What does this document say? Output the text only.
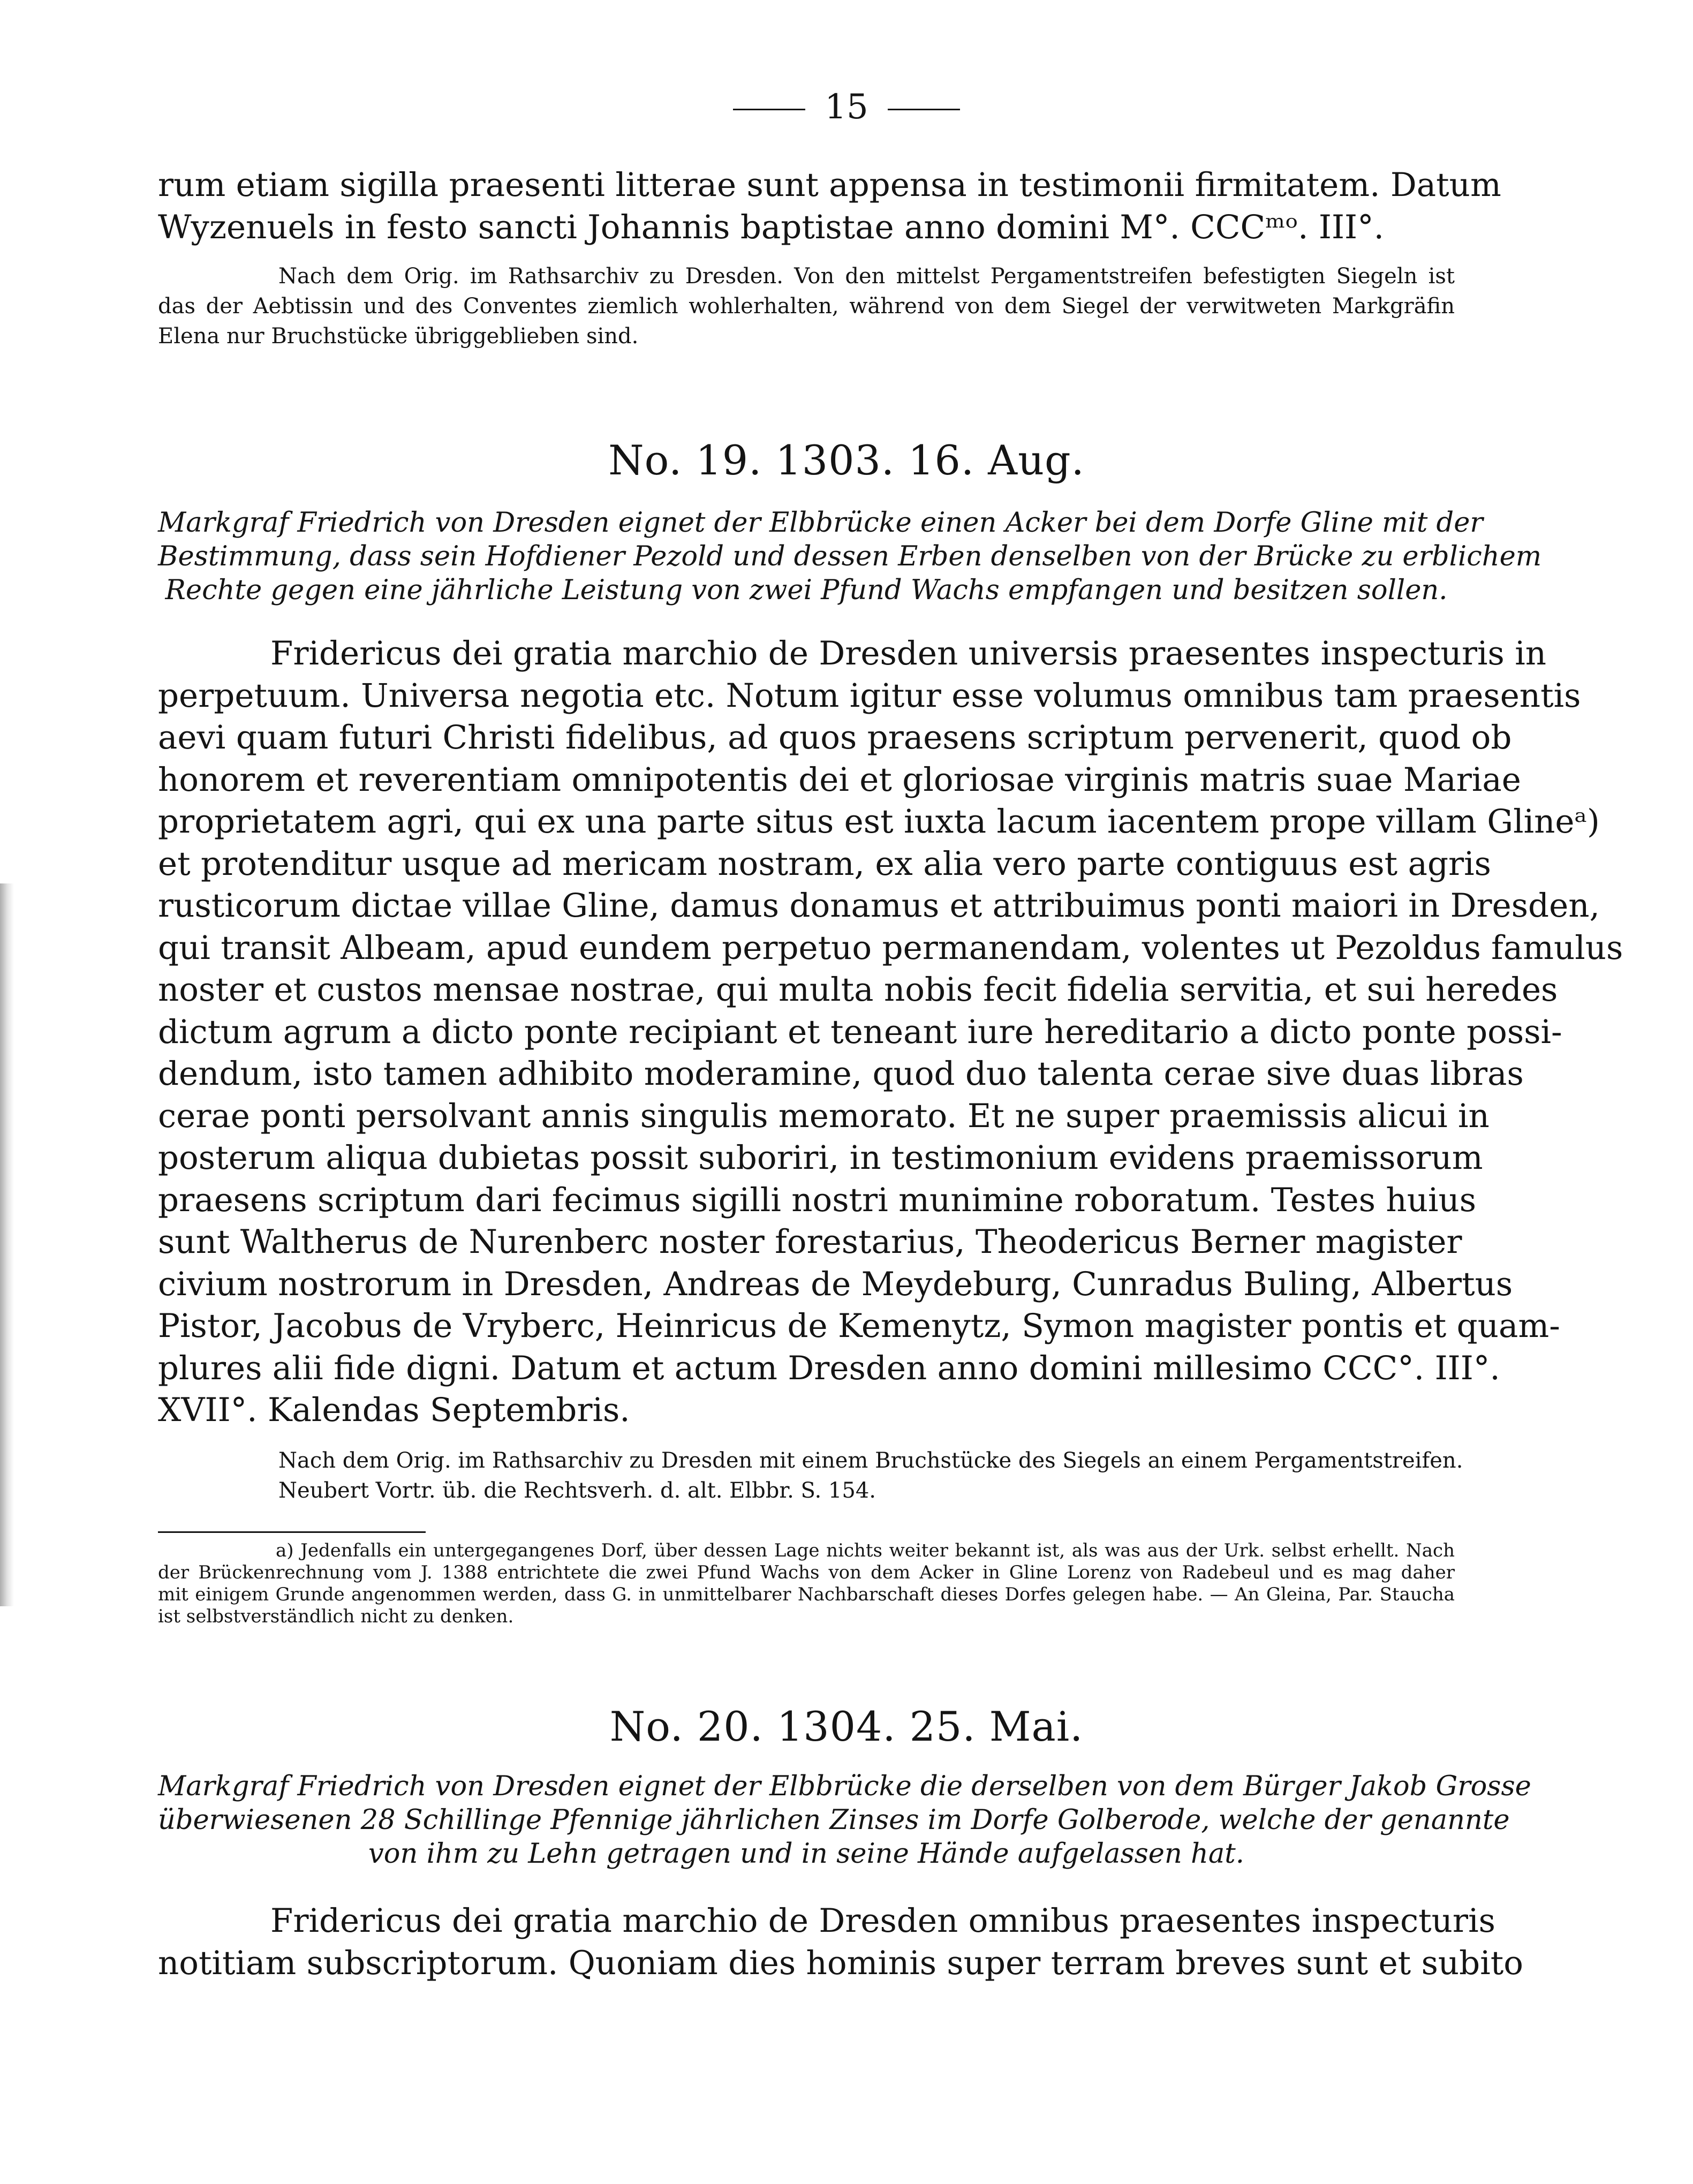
15
rum etiam sigilla praesenti litterae sunt appensa in testimonii firmitatem. Datum
Wyzenuels in festo sancti Johannis baptistae anno domini M°. CCCᵐᵒ. III°.
Nach dem Orig. im Rathsarchiv zu Dresden. Von den mittelst Pergamentstreifen befestigten Siegeln ist
das der Aebtissin und des Conventes ziemlich wohlerhalten, während von dem Siegel der verwitweten Markgräfin
Elena nur Bruchstücke übriggeblieben sind.
No. 19. 1303. 16. Aug.
Markgraf Friedrich von Dresden eignet der Elbbrücke einen Acker bei dem Dorfe Gline mit der
Bestimmung, dass sein Hofdiener Pezold und dessen Erben denselben von der Brücke zu erblichem
Rechte gegen eine jährliche Leistung von zwei Pfund Wachs empfangen und besitzen sollen.
Fridericus dei gratia marchio de Dresden universis praesentes inspecturis in
perpetuum. Universa negotia etc. Notum igitur esse volumus omnibus tam praesentis
aevi quam futuri Christi fidelibus, ad quos praesens scriptum pervenerit, quod ob
honorem et reverentiam omnipotentis dei et gloriosae virginis matris suae Mariae
proprietatem agri, qui ex una parte situs est iuxta lacum iacentem prope villam Glineᵃ)
et protenditur usque ad mericam nostram, ex alia vero parte contiguus est agris
rusticorum dictae villae Gline, damus donamus et attribuimus ponti maiori in Dresden,
qui transit Albeam, apud eundem perpetuo permanendam, volentes ut Pezoldus famulus
noster et custos mensae nostrae, qui multa nobis fecit fidelia servitia, et sui heredes
dictum agrum a dicto ponte recipiant et teneant iure hereditario a dicto ponte possi-
dendum, isto tamen adhibito moderamine, quod duo talenta cerae sive duas libras
cerae ponti persolvant annis singulis memorato. Et ne super praemissis alicui in
posterum aliqua dubietas possit suboriri, in testimonium evidens praemissorum
praesens scriptum dari fecimus sigilli nostri munimine roboratum. Testes huius
sunt Waltherus de Nurenberc noster forestarius, Theodericus Berner magister
civium nostrorum in Dresden, Andreas de Meydeburg, Cunradus Buling, Albertus
Pistor, Jacobus de Vryberc, Heinricus de Kemenytz, Symon magister pontis et quam-
plures alii fide digni. Datum et actum Dresden anno domini millesimo CCC°. III°.
XVII°. Kalendas Septembris.
Nach dem Orig. im Rathsarchiv zu Dresden mit einem Bruchstücke des Siegels an einem Pergamentstreifen.
Neubert Vortr. üb. die Rechtsverh. d. alt. Elbbr. S. 154.
a) Jedenfalls ein untergegangenes Dorf, über dessen Lage nichts weiter bekannt ist, als was aus der Urk. selbst erhellt. Nach
der Brückenrechnung vom J. 1388 entrichtete die zwei Pfund Wachs von dem Acker in Gline Lorenz von Radebeul und es mag daher
mit einigem Grunde angenommen werden, dass G. in unmittelbarer Nachbarschaft dieses Dorfes gelegen habe. — An Gleina, Par. Staucha
ist selbstverständlich nicht zu denken.
No. 20. 1304. 25. Mai.
Markgraf Friedrich von Dresden eignet der Elbbrücke die derselben von dem Bürger Jakob Grosse
überwiesenen 28 Schillinge Pfennige jährlichen Zinses im Dorfe Golberode, welche der genannte
von ihm zu Lehn getragen und in seine Hände aufgelassen hat.
Fridericus dei gratia marchio de Dresden omnibus praesentes inspecturis
notitiam subscriptorum. Quoniam dies hominis super terram breves sunt et subito
